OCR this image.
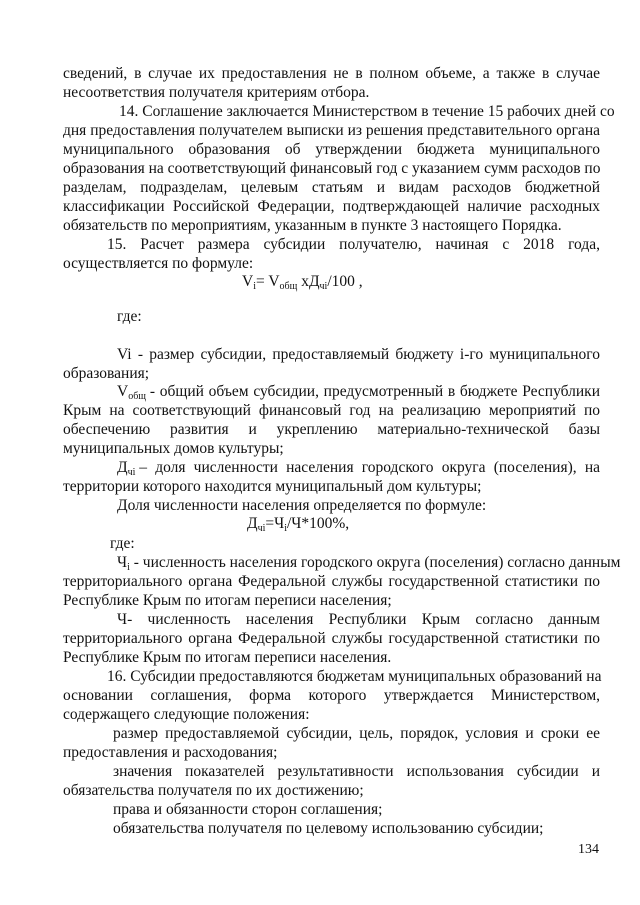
сведений, в случае их предоставления не в полном объеме, а также в случае

несоответствия получателя критериям отбора.

14. Соглашение заключается Министерством в течение 15 рабочих дней со

дня предоставления получателем выписки из решения представительного органа

муниципального образования об утверждении бюджета муниципального

образования на соответствующий финансовый год с указанием сумм расходов по

разделам, подразделам, целевым статьям и видам расходов бюджетной

классификации Российской Федерации, подтверждающей наличие расходных

обязательств по мероприятиям, указанным в пункте 3 настоящего Порядка.

15. Расчет размера субсидии получателю, начиная с 2018 года,

осуществляется по формуле:

$V_i= V_{общ}$ $хД_{чi}/100$ ,

где:

Vi - размер субсидии, предоставляемый бюджету i-го муниципального

образования;

$V_{общ}$ - общий объем субсидии, предусмотренный в бюджете Республики

Крым на соответствующий финансовый год на реализацию мероприятий по

обеспечению развития и укреплению материально-технической базы

муниципальных домов культуры;

$Д_{чi}$ – доля численности населения городского округа (поселения), на

территории которого находится муниципальный дом культуры;

Доля численности населения определяется по формуле:

$Д_{чi}=Ч_i/Ч*100\%$,

где:

$Ч_i$ - численность населения городского округа (поселения) согласно данным

территориального органа Федеральной службы государственной статистики по

Республике Крым по итогам переписи населения;

Ч- численность населения Республики Крым согласно данным

территориального органа Федеральной службы государственной статистики по

Республике Крым по итогам переписи населения.

16. Субсидии предоставляются бюджетам муниципальных образований на

основании соглашения, форма которого утверждается Министерством,

содержащего следующие положения:

размер предоставляемой субсидии, цель, порядок, условия и сроки ее

предоставления и расходования;

значения показателей результативности использования субсидии и

обязательства получателя по их достижению;

права и обязанности сторон соглашения;

обязательства получателя по целевому использованию субсидии;

134
